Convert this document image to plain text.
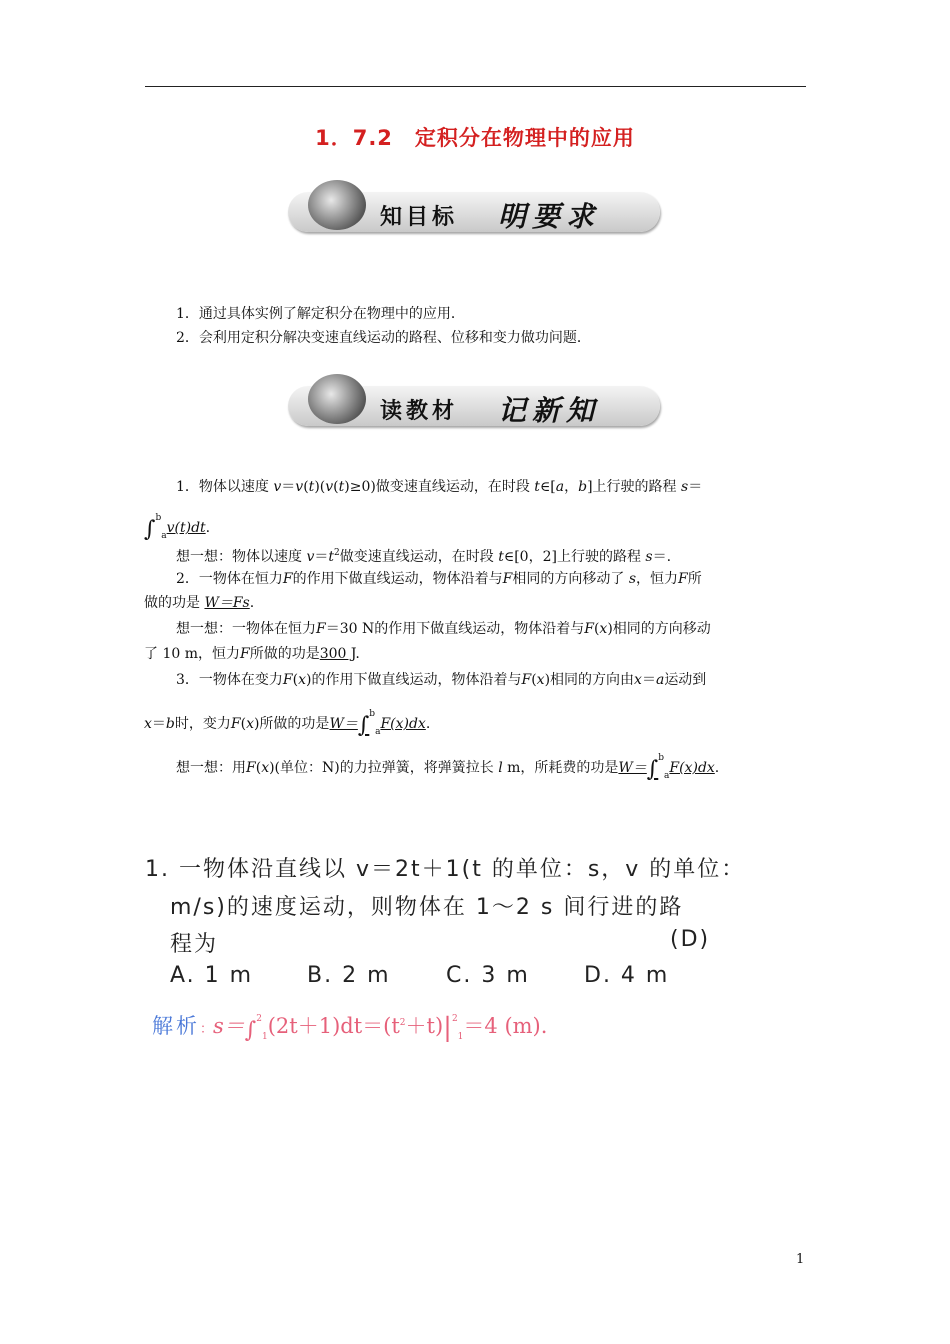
1．7.2　定积分在物理中的应用
知目标 明要求
1．通过具体实例了解定积分在物理中的应用．
2．会利用定积分解决变速直线运动的路程、位移和变力做功问题．
读教材 记新知
1．物体以速度 v＝v(t)(v(t)≥0)做变速直线运动，在时段 t∈[a，b]上行驶的路程 s＝
∫$^b_a$v(t)dt.
想一想：物体以速度 $v=t^2$做变速直线运动，在时段 t∈[0，2]上行驶的路程 s＝.
2．一物体在恒力F的作用下做直线运动，物体沿着与F相同的方向移动了 s，恒力F所
做的功是 W＝Fs.
想一想：一物体在恒力F＝30 N的作用下做直线运动，物体沿着与F(x)相同的方向移动
了 10 m，恒力F所做的功是300 J.
3．一物体在变力F(x)的作用下做直线运动，物体沿着与F(x)相同的方向由x＝a运动到
x＝b时，变力F(x)所做的功是W＝∫$^b_a$F(x)dx.
想一想：用F(x)(单位：N)的力拉弹簧，将弹簧拉长 l m，所耗费的功是W＝∫$^b_a$F(x)dx.
1. 一物体沿直线以 v＝2t＋1(t 的单位：s，v 的单位：
m/s)的速度运动，则物体在 1～2 s 间行进的路
程为	(D)
A. 1 m B. 2 m	C. 3 m D. 4 m
解析：$s=\int^2_1(2t+1)dt=(t^2+t)|^2_1=4$ (m).
1
